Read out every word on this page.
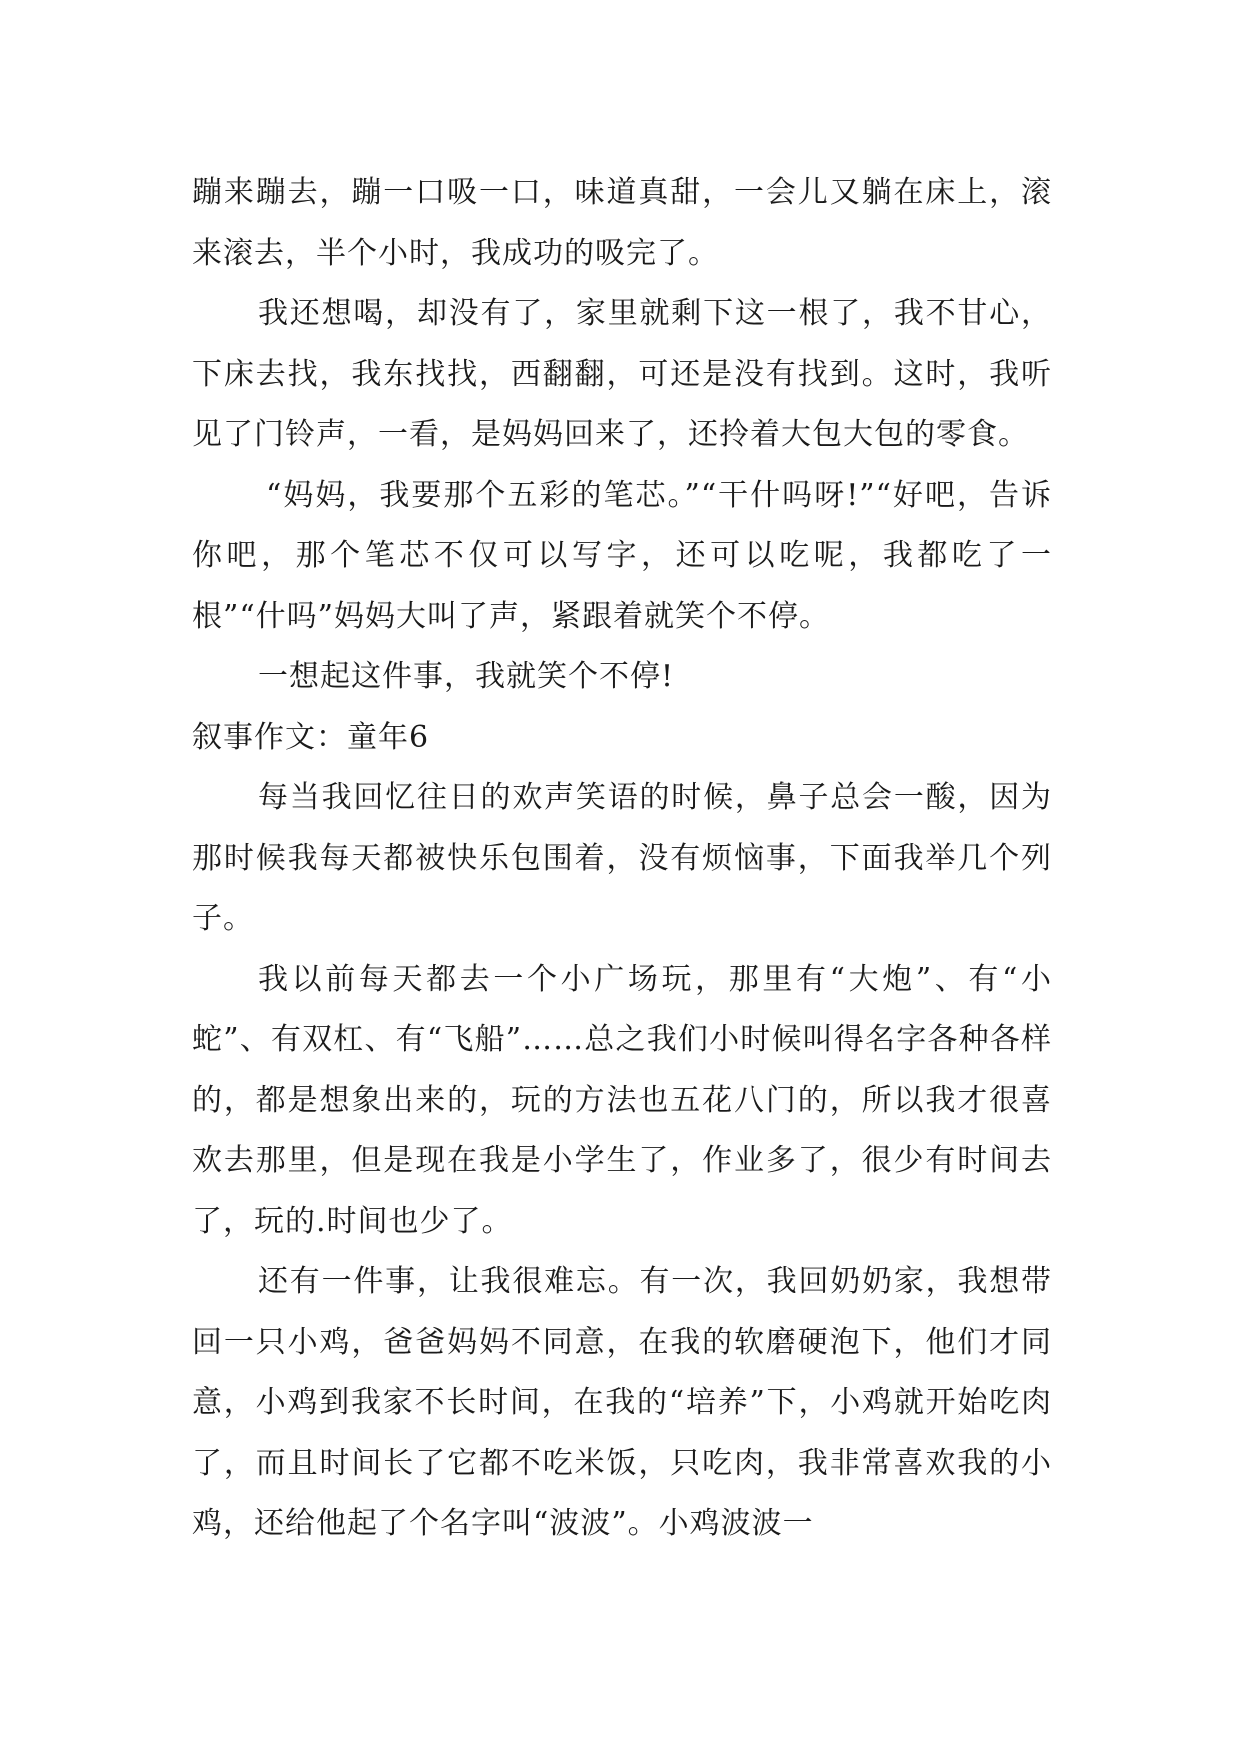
蹦来蹦去，蹦一口吸一口，味道真甜，一会儿又躺在床上，滚来滚去，半个小时，我成功的吸完了。

我还想喝，却没有了，家里就剩下这一根了，我不甘心，下床去找，我东找找，西翻翻，可还是没有找到。这时，我听见了门铃声，一看，是妈妈回来了，还拎着大包大包的零食。

“妈妈，我要那个五彩的笔芯。”“干什吗呀!”“好吧，告诉你吧，那个笔芯不仅可以写字，还可以吃呢，我都吃了一根”“什吗”妈妈大叫了声，紧跟着就笑个不停。

一想起这件事，我就笑个不停!

叙事作文：童年6

每当我回忆往日的欢声笑语的时候，鼻子总会一酸，因为那时候我每天都被快乐包围着，没有烦恼事，下面我举几个列子。

我以前每天都去一个小广场玩，那里有“大炮”、有“小蛇”、有双杠、有“飞船”……总之我们小时候叫得名字各种各样的，都是想象出来的，玩的方法也五花八门的，所以我才很喜欢去那里，但是现在我是小学生了，作业多了，很少有时间去了，玩的.时间也少了。

还有一件事，让我很难忘。有一次，我回奶奶家，我想带回一只小鸡，爸爸妈妈不同意，在我的软磨硬泡下，他们才同意，小鸡到我家不长时间，在我的“培养”下，小鸡就开始吃肉了，而且时间长了它都不吃米饭，只吃肉，我非常喜欢我的小鸡，还给他起了个名字叫“波波”。小鸡波波一
